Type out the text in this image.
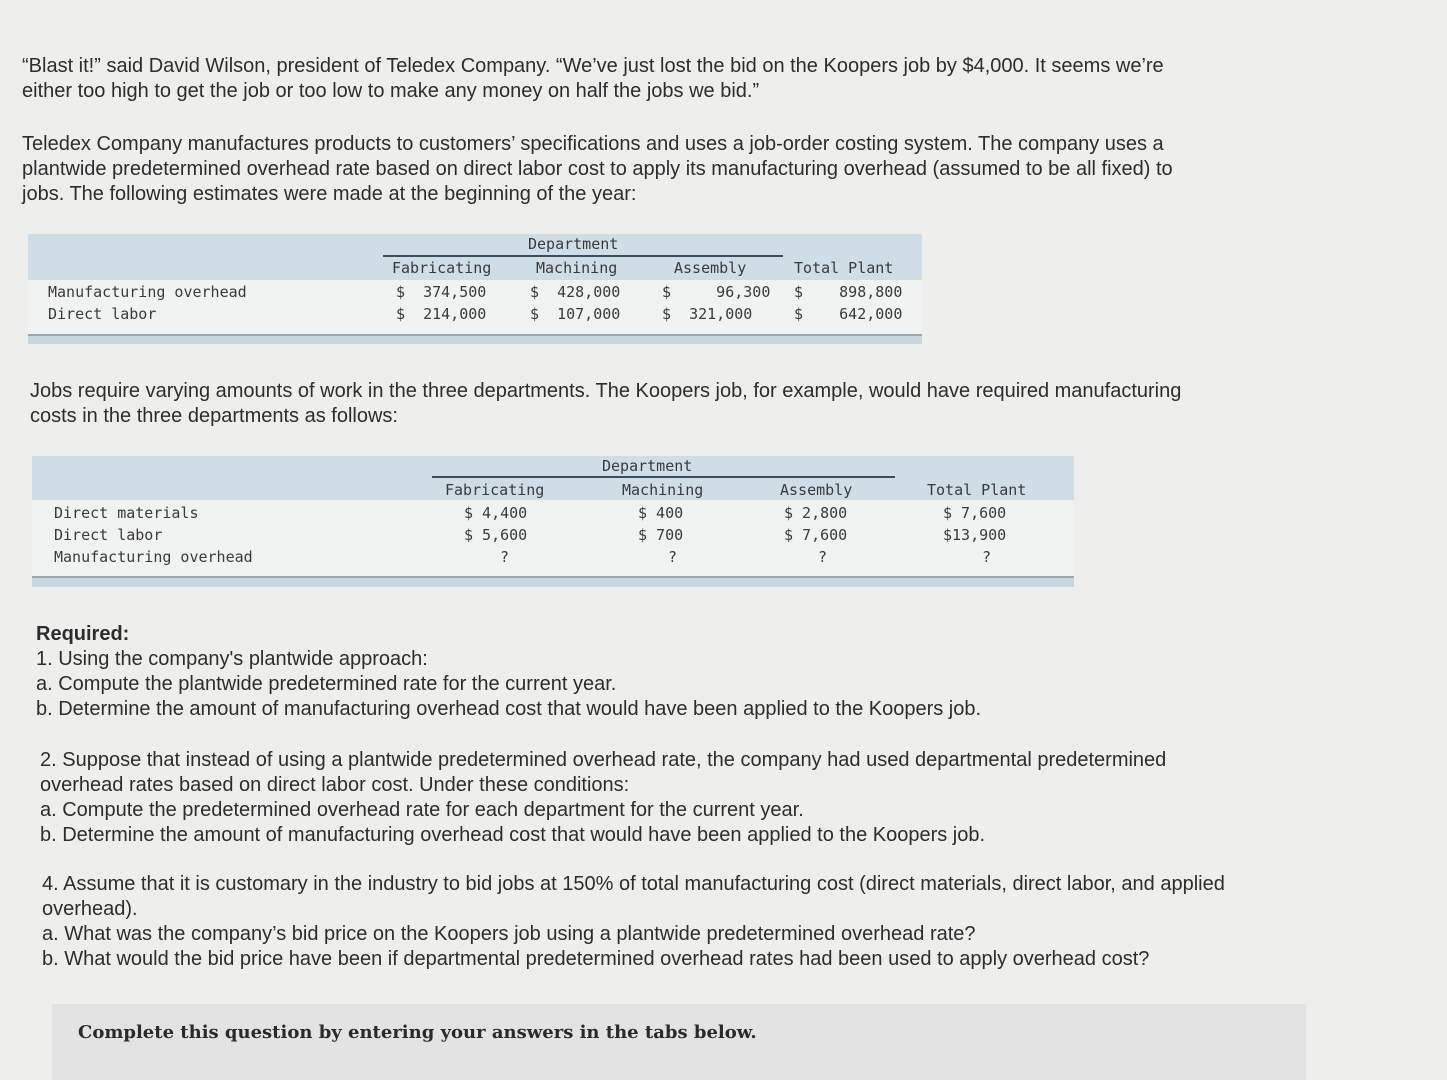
“Blast it!” said David Wilson, president of Teledex Company. “We’ve just lost the bid on the Koopers job by $4,000. It seems we’re
either too high to get the job or too low to make any money on half the jobs we bid.”
Teledex Company manufactures products to customers’ specifications and uses a job-order costing system. The company uses a
plantwide predetermined overhead rate based on direct labor cost to apply its manufacturing overhead (assumed to be all fixed) to
jobs. The following estimates were made at the beginning of the year:
Department
Fabricating	Machining	Assembly	Total Plant
Manufacturing overhead	$  374,500	$  428,000	$     96,300 $    898,800
Direct labor	$  214,000	$  107,000	$  321,000	$    642,000
Jobs require varying amounts of work in the three departments. The Koopers job, for example, would have required manufacturing
costs in the three departments as follows:
Department
Fabricating	Machining	Assembly	Total Plant
Direct materials	$ 4,400	$ 400	$ 2,800	$ 7,600
Direct labor	$ 5,600	$ 700	$ 7,600	$13,900
Manufacturing overhead	?	?	?	?
Required:
1. Using the company's plantwide approach:
a. Compute the plantwide predetermined rate for the current year.
b. Determine the amount of manufacturing overhead cost that would have been applied to the Koopers job.
2. Suppose that instead of using a plantwide predetermined overhead rate, the company had used departmental predetermined
overhead rates based on direct labor cost. Under these conditions:
a. Compute the predetermined overhead rate for each department for the current year.
b. Determine the amount of manufacturing overhead cost that would have been applied to the Koopers job.
4. Assume that it is customary in the industry to bid jobs at 150% of total manufacturing cost (direct materials, direct labor, and applied
overhead).
a. What was the company’s bid price on the Koopers job using a plantwide predetermined overhead rate?
b. What would the bid price have been if departmental predetermined overhead rates had been used to apply overhead cost?
Complete this question by entering your answers in the tabs below.
